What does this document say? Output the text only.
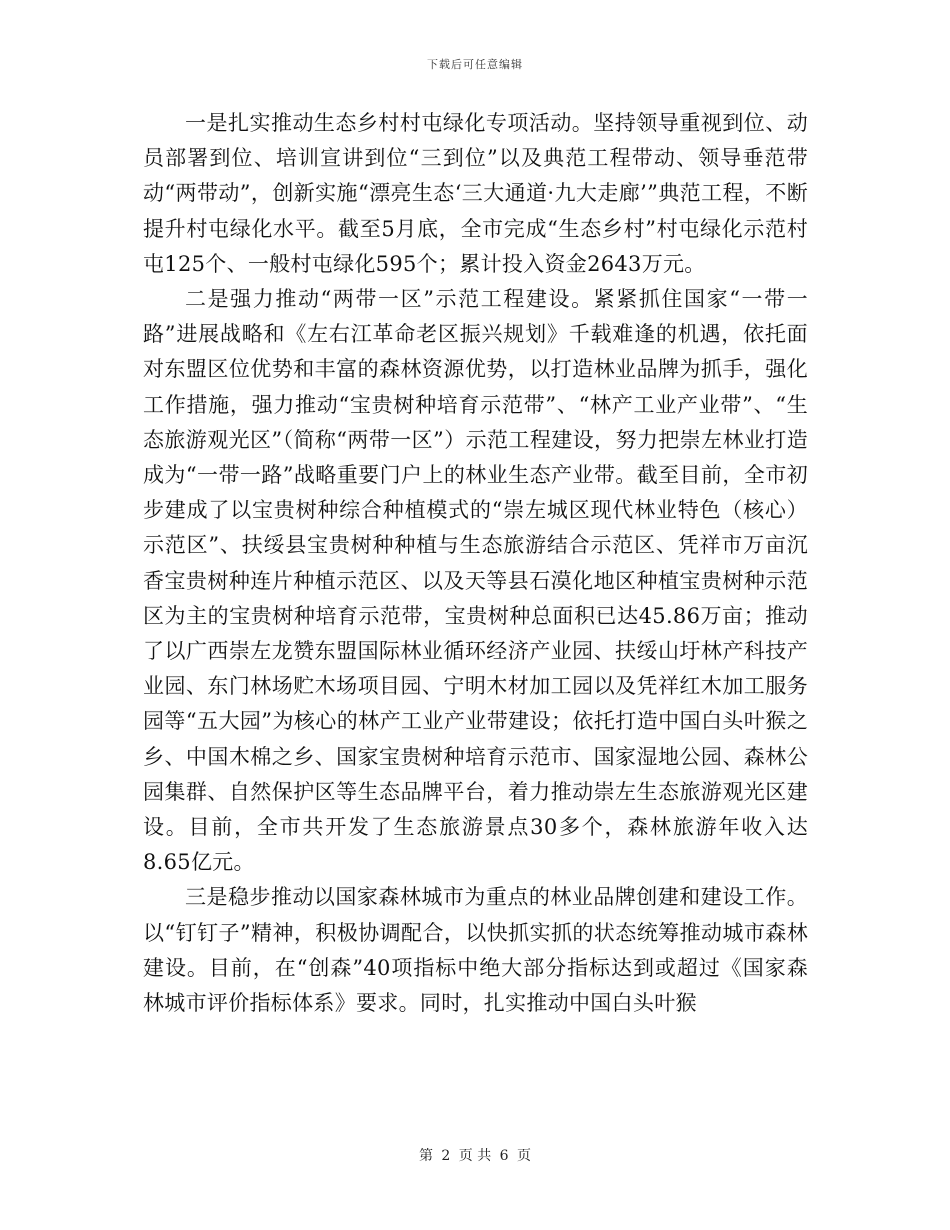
下载后可任意编辑

一是扎实推动生态乡村村屯绿化专项活动。坚持领导重视到位、动员部署到位、培训宣讲到位“三到位”以及典范工程带动、领导垂范带动“两带动”，创新实施“漂亮生态‘三大通道·九大走廊’”典范工程，不断提升村屯绿化水平。截至5月底，全市完成“生态乡村”村屯绿化示范村屯125个、一般村屯绿化595个；累计投入资金2643万元。

二是强力推动“两带一区”示范工程建设。紧紧抓住国家“一带一路”进展战略和《左右江革命老区振兴规划》千载难逢的机遇，依托面对东盟区位优势和丰富的森林资源优势，以打造林业品牌为抓手，强化工作措施，强力推动“宝贵树种培育示范带”、“林产工业产业带”、“生态旅游观光区”（简称“两带一区”）示范工程建设，努力把崇左林业打造成为“一带一路”战略重要门户上的林业生态产业带。截至目前，全市初步建成了以宝贵树种综合种植模式的“崇左城区现代林业特色（核心）示范区”、扶绥县宝贵树种种植与生态旅游结合示范区、凭祥市万亩沉香宝贵树种连片种植示范区、以及天等县石漠化地区种植宝贵树种示范区为主的宝贵树种培育示范带，宝贵树种总面积已达45.86万亩；推动了以广西崇左龙赞东盟国际林业循环经济产业园、扶绥山圩林产科技产业园、东门林场贮木场项目园、宁明木材加工园以及凭祥红木加工服务园等“五大园”为核心的林产工业产业带建设；依托打造中国白头叶猴之乡、中国木棉之乡、国家宝贵树种培育示范市、国家湿地公园、森林公园集群、自然保护区等生态品牌平台，着力推动崇左生态旅游观光区建设。目前，全市共开发了生态旅游景点30多个，森林旅游年收入达8.65亿元。

三是稳步推动以国家森林城市为重点的林业品牌创建和建设工作。以“钉钉子”精神，积极协调配合，以快抓实抓的状态统筹推动城市森林建设。目前，在“创森”40项指标中绝大部分指标达到或超过《国家森林城市评价指标体系》要求。同时，扎实推动中国白头叶猴

第 2 页 共 6 页
